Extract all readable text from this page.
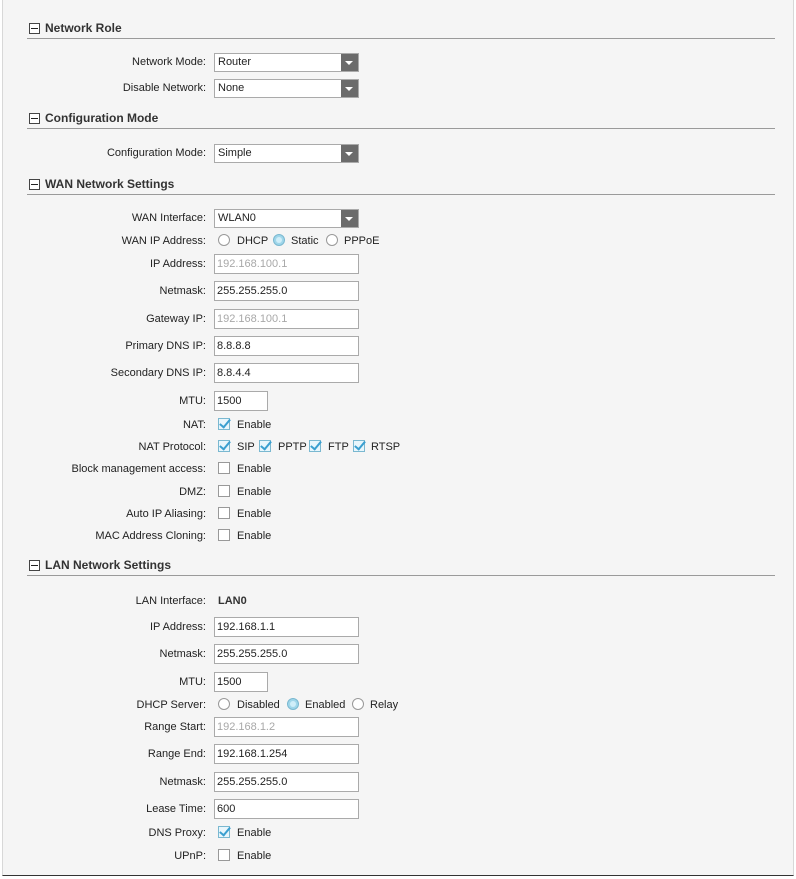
Network Role
Network Mode: Router
Disable Network: None
Configuration Mode
Configuration Mode: Simple
WAN Network Settings
WAN Interface: WLAN0
WAN IP Address:	DHCP Static PPPoE
IP Address: 192.168.100.1
Netmask: 255.255.255.0
Gateway IP: 192.168.100.1
Primary DNS IP: 8.8.8.8
Secondary DNS IP: 8.8.4.4
MTU: 1500
NAT:	Enable
NAT Protocol:	SIP PPTP FTP RTSP
Block management access:	Enable
DMZ:	Enable
Auto IP Aliasing:	Enable
MAC Address Cloning:	Enable
LAN Network Settings
LAN Interface: LAN0
IP Address: 192.168.1.1
Netmask: 255.255.255.0
MTU: 1500
DHCP Server:	Disabled Enabled Relay
Range Start: 192.168.1.2
Range End: 192.168.1.254
Netmask: 255.255.255.0
Lease Time: 600
DNS Proxy:	Enable
UPnP:	Enable
